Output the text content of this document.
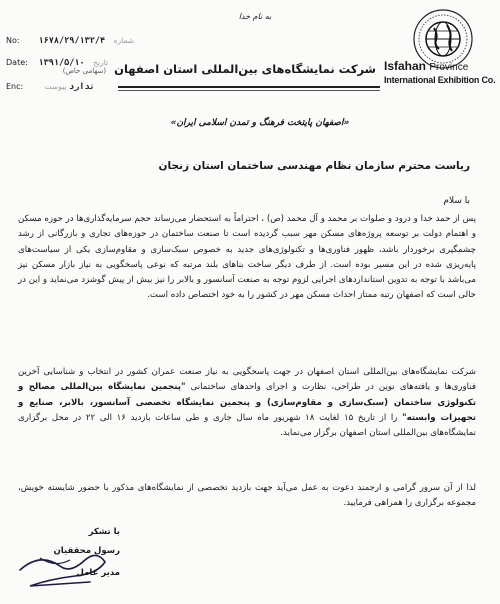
به نام خدا
No: ۱۶۷۸/۲۹/۱۳۲/۴ شماره
Date: ۱۳۹۱/۵/۱۰ تاریخ
Enc:	ندارد پیوست
شرکت نمایشگاه‌های بین‌المللی استان اصفهان (سهامی خاص)	Isfahan Province
International Exhibition Co.
«اصفهان پایتخت فرهنگ و تمدن اسلامی ایران»
ریاست محترم سازمان نظام مهندسی ساختمان استان زنجان
با سلام
پس از حمد خدا و درود و صلوات بر محمد و آل محمد (ص) ، احتراماً به استحضار می‌رساند حجم سرمایه‌گذاری‌ها در حوزه مسکن و اهتمام دولت بر توسعه پروژه‌های مسکن مهر سبب گردیده است تا صنعت ساختمان در حوزه‌های تجاری و بازرگانی از رشد چشمگیری برخوردار باشد، ظهور فناوری‌ها و تکنولوژی‌های جدید به خصوص سبک‌سازی و مقاوم‌سازی یکی از سیاست‌های پایه‌ریزی شده در این مسیر بوده است. از طرف دیگر ساخت بناهای بلند مرتبه که نوعی پاسخگویی به نیاز بازار مسکن نیز می‌باشد با توجه به تدوین استانداردهای اجرایی لزوم توجه به صنعت آسانسور و بالابر را نیز بیش از پیش گوشزد می‌نماید و این در حالی است که اصفهان رتبه ممتاز احداث مسکن مهر در کشور را به خود اختصاص داده است.
شرکت نمایشگاه‌های بین‌المللی استان اصفهان در جهت پاسخگویی به نیاز صنعت عمران کشور در انتخاب و شناسایی آخرین فناوری‌ها و یافته‌های نوین در طراحی، نظارت و اجرای واحدهای ساختمانی "پنجمین نمایشگاه بین‌المللی مصالح و تکنولوژی ساختمان (سبک‌سازی و مقاوم‌سازی) و پنجمین نمایشگاه تخصصی آسانسور، بالابر، صنایع و تجهیزات وابسته" را از تاریخ ۱۵ لغایت ۱۸ شهریور ماه سال جاری و طی ساعات بازدید ۱۶ الی ۲۲ در محل برگزاری نمایشگاه‌های بین‌المللی استان اصفهان برگزار می‌نماید.
لذا از آن سرور گرامی و ارجمند دعوت به عمل می‌آید جهت بازدید تخصصی از نمایشگاه‌های مذکور با حضور شایسته خویش، مجموعه برگزاری را همراهی فرمایید.
با تشکر
رسول محققیان
مدیر عامل
